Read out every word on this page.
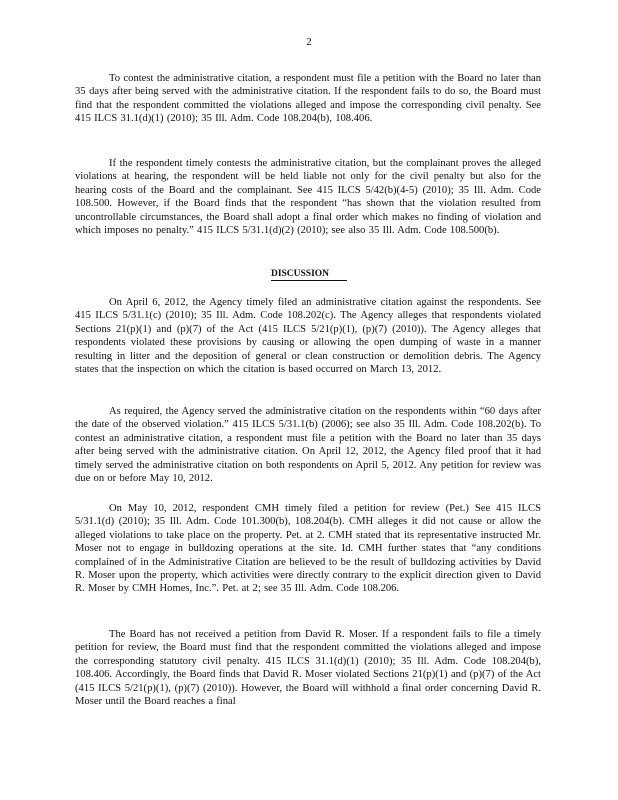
2

To contest the administrative citation, a respondent must file a petition with the Board no later than 35 days after being served with the administrative citation. If the respondent fails to do so, the Board must find that the respondent committed the violations alleged and impose the corresponding civil penalty. See 415 ILCS 31.1(d)(1) (2010); 35 Ill. Adm. Code 108.204(b), 108.406.

If the respondent timely contests the administrative citation, but the complainant proves the alleged violations at hearing, the respondent will be held liable not only for the civil penalty but also for the hearing costs of the Board and the complainant. See 415 ILCS 5/42(b)(4-5) (2010); 35 Ill. Adm. Code 108.500. However, if the Board finds that the respondent “has shown that the violation resulted from uncontrollable circumstances, the Board shall adopt a final order which makes no finding of violation and which imposes no penalty.” 415 ILCS 5/31.1(d)(2) (2010); see also 35 Ill. Adm. Code 108.500(b).

DISCUSSION

On April 6, 2012, the Agency timely filed an administrative citation against the respondents. See 415 ILCS 5/31.1(c) (2010); 35 Ill. Adm. Code 108.202(c). The Agency alleges that respondents violated Sections 21(p)(1) and (p)(7) of the Act (415 ILCS 5/21(p)(1), (p)(7) (2010)). The Agency alleges that respondents violated these provisions by causing or allowing the open dumping of waste in a manner resulting in litter and the deposition of general or clean construction or demolition debris. The Agency states that the inspection on which the citation is based occurred on March 13, 2012.

As required, the Agency served the administrative citation on the respondents within “60 days after the date of the observed violation.” 415 ILCS 5/31.1(b) (2006); see also 35 Ill. Adm. Code 108.202(b). To contest an administrative citation, a respondent must file a petition with the Board no later than 35 days after being served with the administrative citation. On April 12, 2012, the Agency filed proof that it had timely served the administrative citation on both respondents on April 5, 2012. Any petition for review was due on or before May 10, 2012.

On May 10, 2012, respondent CMH timely filed a petition for review (Pet.) See 415 ILCS 5/31.1(d) (2010); 35 Ill. Adm. Code 101.300(b), 108.204(b). CMH alleges it did not cause or allow the alleged violations to take place on the property. Pet. at 2. CMH stated that its representative instructed Mr. Moser not to engage in bulldozing operations at the site. Id. CMH further states that “any conditions complained of in the Administrative Citation are believed to be the result of bulldozing activities by David R. Moser upon the property, which activities were directly contrary to the explicit direction given to David R. Moser by CMH Homes, Inc.”. Pet. at 2; see 35 Ill. Adm. Code 108.206.

The Board has not received a petition from David R. Moser. If a respondent fails to file a timely petition for review, the Board must find that the respondent committed the violations alleged and impose the corresponding statutory civil penalty. 415 ILCS 31.1(d)(1) (2010); 35 Ill. Adm. Code 108.204(b), 108.406. Accordingly, the Board finds that David R. Moser violated Sections 21(p)(1) and (p)(7) of the Act (415 ILCS 5/21(p)(1), (p)(7) (2010)). However, the Board will withhold a final order concerning David R. Moser until the Board reaches a final
